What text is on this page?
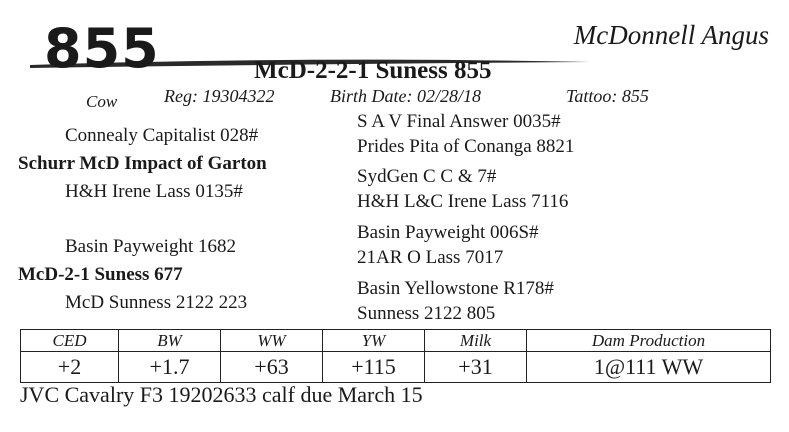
855
Cow
McDonnell Angus
McD-2-2-1 Suness 855
Reg: 19304322	Birth Date: 02/28/18	Tattoo: 855
Connealy Capitalist 028#
Schurr McD Impact of Garton
H&H Irene Lass 0135#
Basin Payweight 1682
McD-2-1 Suness 677
McD Sunness 2122 223
S A V Final Answer 0035#
Prides Pita of Conanga 8821
SydGen C C & 7#
H&H L&C Irene Lass 7116
Basin Payweight 006S#
21AR O Lass 7017
Basin Yellowstone R178#
Sunness 2122 805
CED	BW	WW	YW	Milk	Dam Production
+2	+1.7	+63	+115	+31	1@111 WW
JVC Cavalry F3 19202633 calf due March 15
